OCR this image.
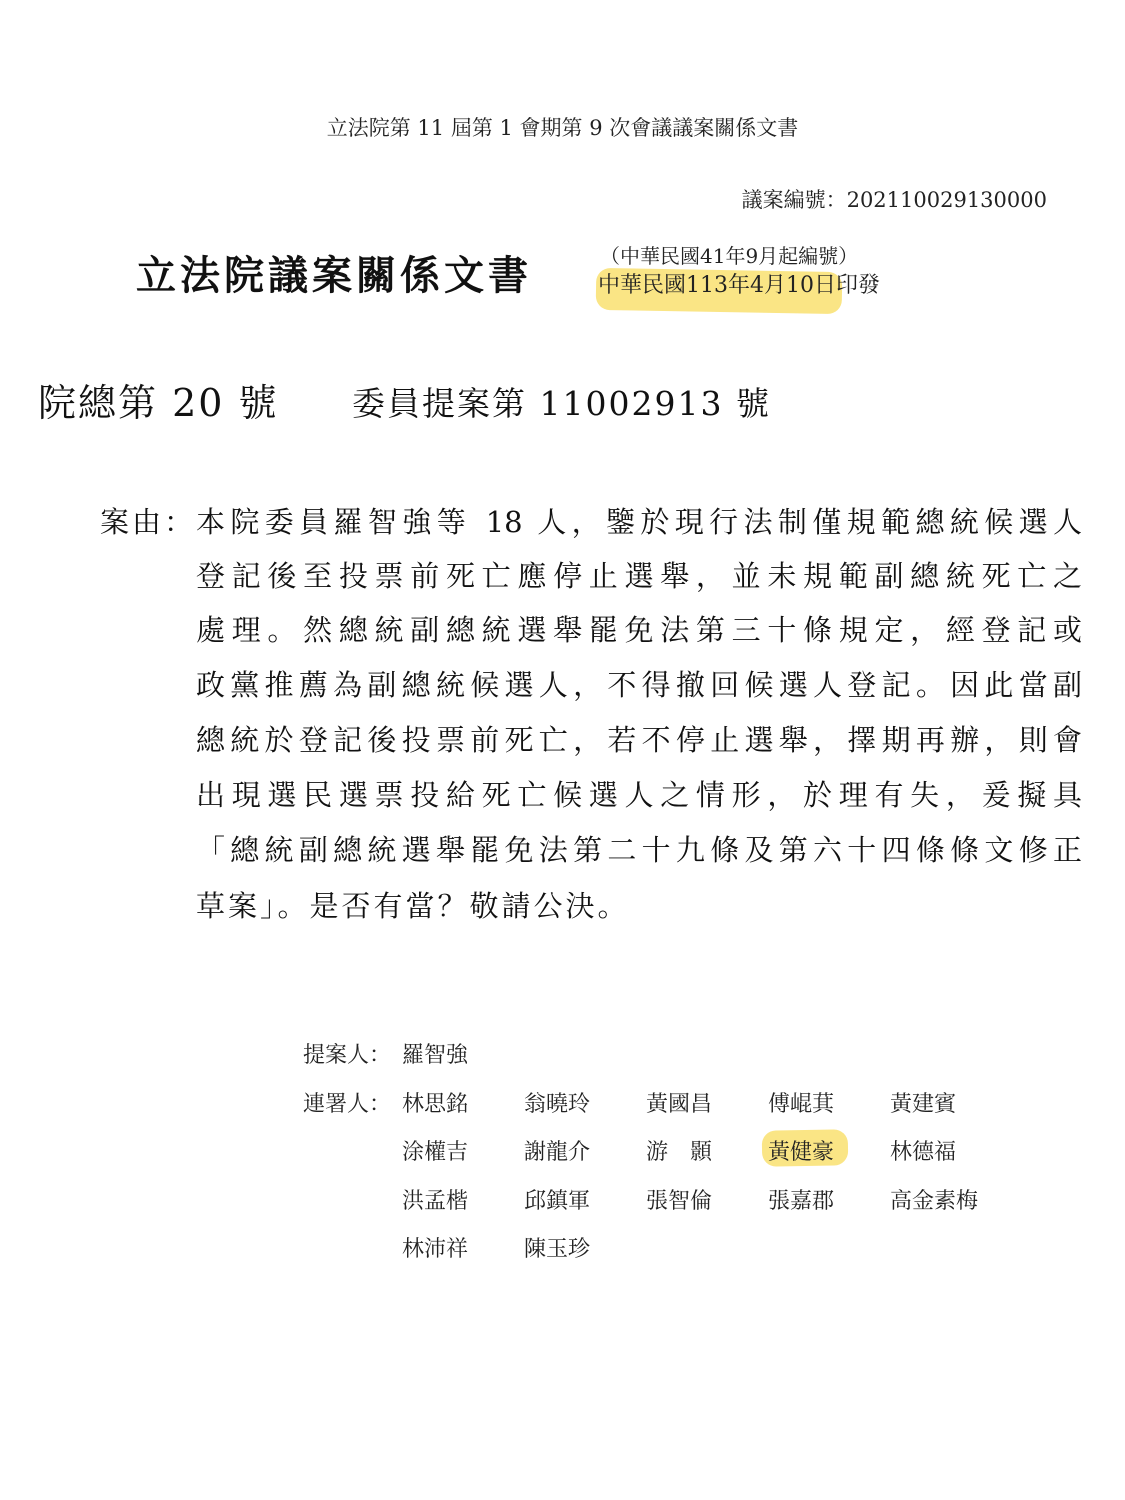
立法院第 11 屆第 1 會期第 9 次會議議案關係文書
議案編號：202110029130000
立法院議案關係文書	（中華民國41年9月起編號）
中華民國113年4月10日印發
院總第 20 號 委員提案第 11002913 號
案由： 本院委員羅智強等 18 人，鑒於現行法制僅規範總統候選人
登記後至投票前死亡應停止選舉，並未規範副總統死亡之
處理。然總統副總統選舉罷免法第三十條規定，經登記或
政黨推薦為副總統候選人，不得撤回候選人登記。因此當副
總統於登記後投票前死亡，若不停止選舉，擇期再辦，則會
出現選民選票投給死亡候選人之情形，於理有失，爰擬具
「總統副總統選舉罷免法第二十九條及第六十四條條文修正
草案」。是否有當？敬請公決。
提案人： 羅智強
連署人： 林思銘	翁曉玲	黃國昌	傅崐萁	黃建賓
涂權吉	謝龍介	游　顥	黃健豪	林德福
洪孟楷	邱鎮軍	張智倫	張嘉郡	高金素梅
林沛祥	陳玉珍
